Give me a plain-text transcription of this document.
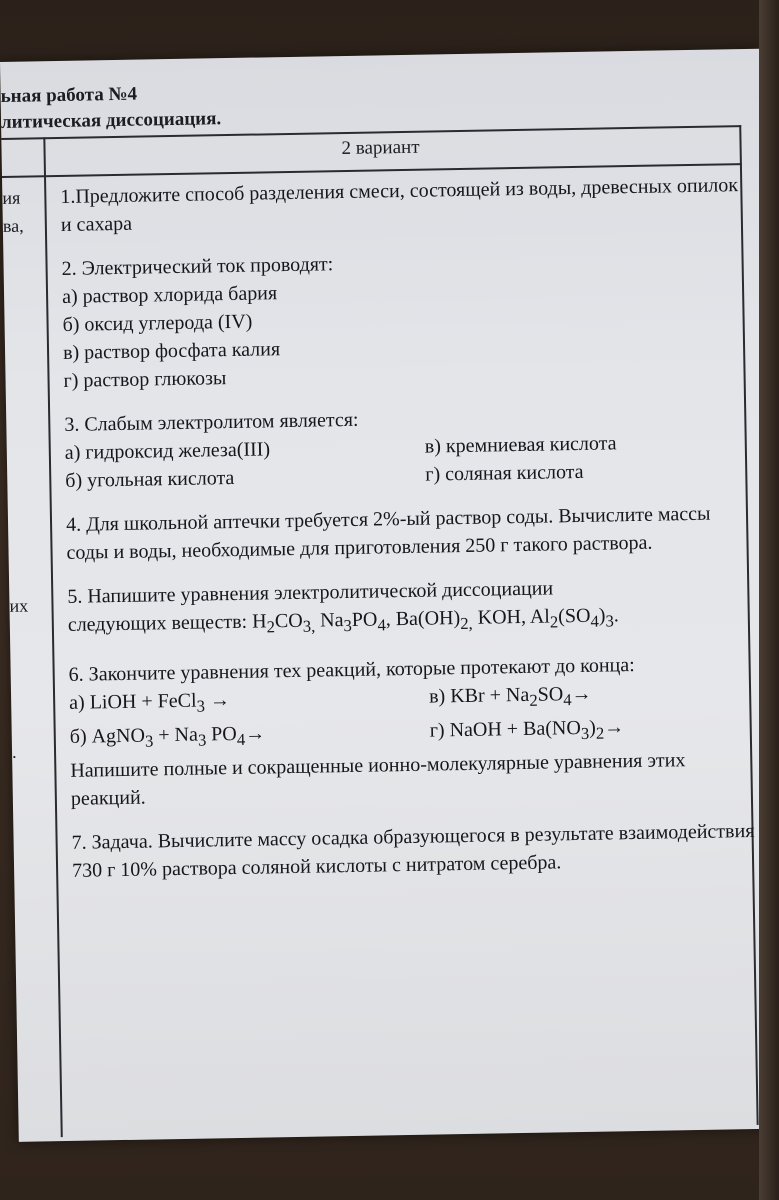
ьная работа №4
литическая диссоциация.
2 вариант
ия
ва,
их
.
1.Предложите способ разделения смеси, состоящей из воды, древесных опилок и сахара
2. Электрический ток проводят:
а) раствор хлорида бария
б) оксид углерода (IV)
в) раствор фосфата калия
г) раствор глюкозы
3. Слабым электролитом является:
а) гидроксид железа(III)	в) кремниевая кислота
б) угольная кислота	г) соляная кислота
4. Для школьной аптечки требуется 2%-ый раствор соды. Вычислите массы соды и воды, необходимые для приготовления 250 г такого раствора.
5. Напишите уравнения электролитической диссоциации
следующих веществ: $H_2CO_{3,}$ $Na_3PO_4$, $Ba(OH)_{2,}$ KOH, $Al_2(SO_4)_3$.
6. Закончите уравнения тех реакций, которые протекают до конца:
а) LiOH + FeCl$_3$ →	в) KBr + $Na_2SO_4\to$
б) AgNO$_3$ + $Na_3$ $PO_4\to$	г) NaOH + $Ba(NO_3)_2\to$
Напишите полные и сокращенные ионно-молекулярные уравнения этих реакций.
7. Задача. Вычислите массу осадка образующегося в результате взаимодействия 730 г 10% раствора соляной кислоты с нитратом серебра.
